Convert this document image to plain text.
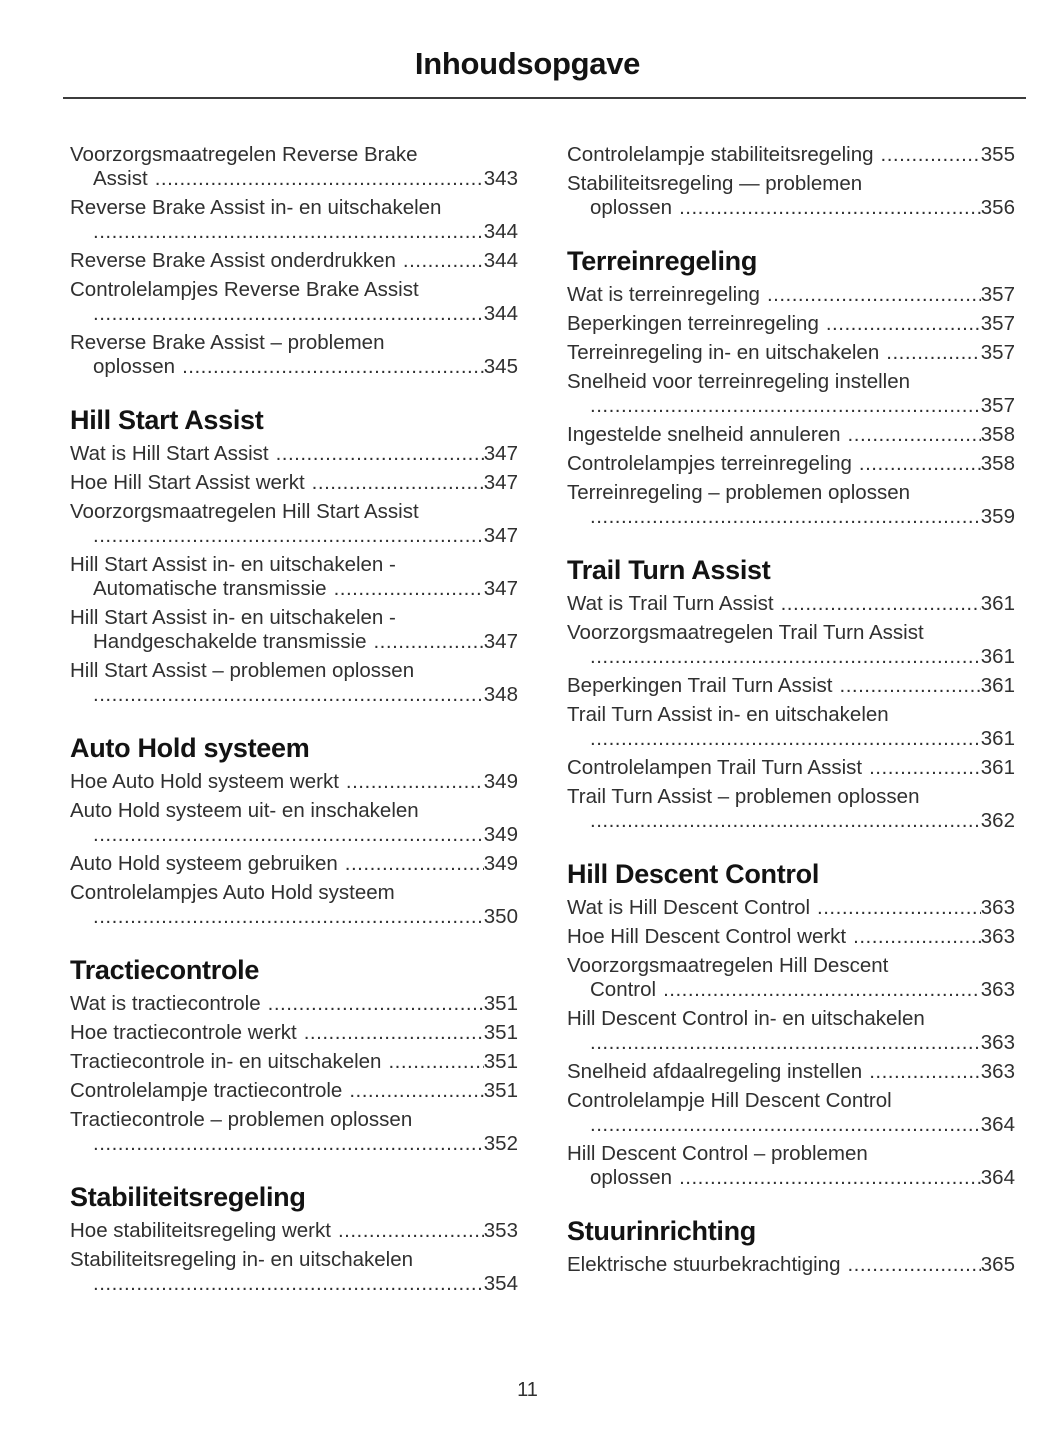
Inhoudsopgave
Voorzorgsmaatregelen Reverse Brake
Assist .....	343
Reverse Brake Assist in- en uitschakelen
.....
344
Reverse Brake Assist onderdrukken .....	344
Controlelampjes Reverse Brake Assist
.....
344
Reverse Brake Assist – problemen
oplossen .....	345
Hill Start Assist
Wat is Hill Start Assist .....	347
Hoe Hill Start Assist werkt .....	347
Voorzorgsmaatregelen Hill Start Assist
.....
347
Hill Start Assist in- en uitschakelen -
Automatische transmissie .....	347
Hill Start Assist in- en uitschakelen -
Handgeschakelde transmissie .....	347
Hill Start Assist – problemen oplossen
.....
348
Auto Hold systeem
Hoe Auto Hold systeem werkt .....	349
Auto Hold systeem uit- en inschakelen
.....
349
Auto Hold systeem gebruiken .....	349
Controlelampjes Auto Hold systeem
.....
350
Tractiecontrole
Wat is tractiecontrole .....	351
Hoe tractiecontrole werkt .....	351
Tractiecontrole in- en uitschakelen .....	351
Controlelampje tractiecontrole .....	351
Tractiecontrole – problemen oplossen
.....
352
Stabiliteitsregeling
Hoe stabiliteitsregeling werkt .....	353
Stabiliteitsregeling in- en uitschakelen
.....
354
Controlelampje stabiliteitsregeling .....	355
Stabiliteitsregeling — problemen
oplossen .....	356
Terreinregeling
Wat is terreinregeling .....	357
Beperkingen terreinregeling .....	357
Terreinregeling in- en uitschakelen .....	357
Snelheid voor terreinregeling instellen
.....
357
Ingestelde snelheid annuleren .....	358
Controlelampjes terreinregeling .....	358
Terreinregeling – problemen oplossen
.....
359
Trail Turn Assist
Wat is Trail Turn Assist .....	361
Voorzorgsmaatregelen Trail Turn Assist
.....
361
Beperkingen Trail Turn Assist .....	361
Trail Turn Assist in- en uitschakelen
.....
361
Controlelampen Trail Turn Assist .....	361
Trail Turn Assist – problemen oplossen
.....
362
Hill Descent Control
Wat is Hill Descent Control .....	363
Hoe Hill Descent Control werkt .....	363
Voorzorgsmaatregelen Hill Descent
Control .....	363
Hill Descent Control in- en uitschakelen
.....
363
Snelheid afdaalregeling instellen .....	363
Controlelampje Hill Descent Control
.....
364
Hill Descent Control – problemen
oplossen .....	364
Stuurinrichting
Elektrische stuurbekrachtiging .....	365
11
